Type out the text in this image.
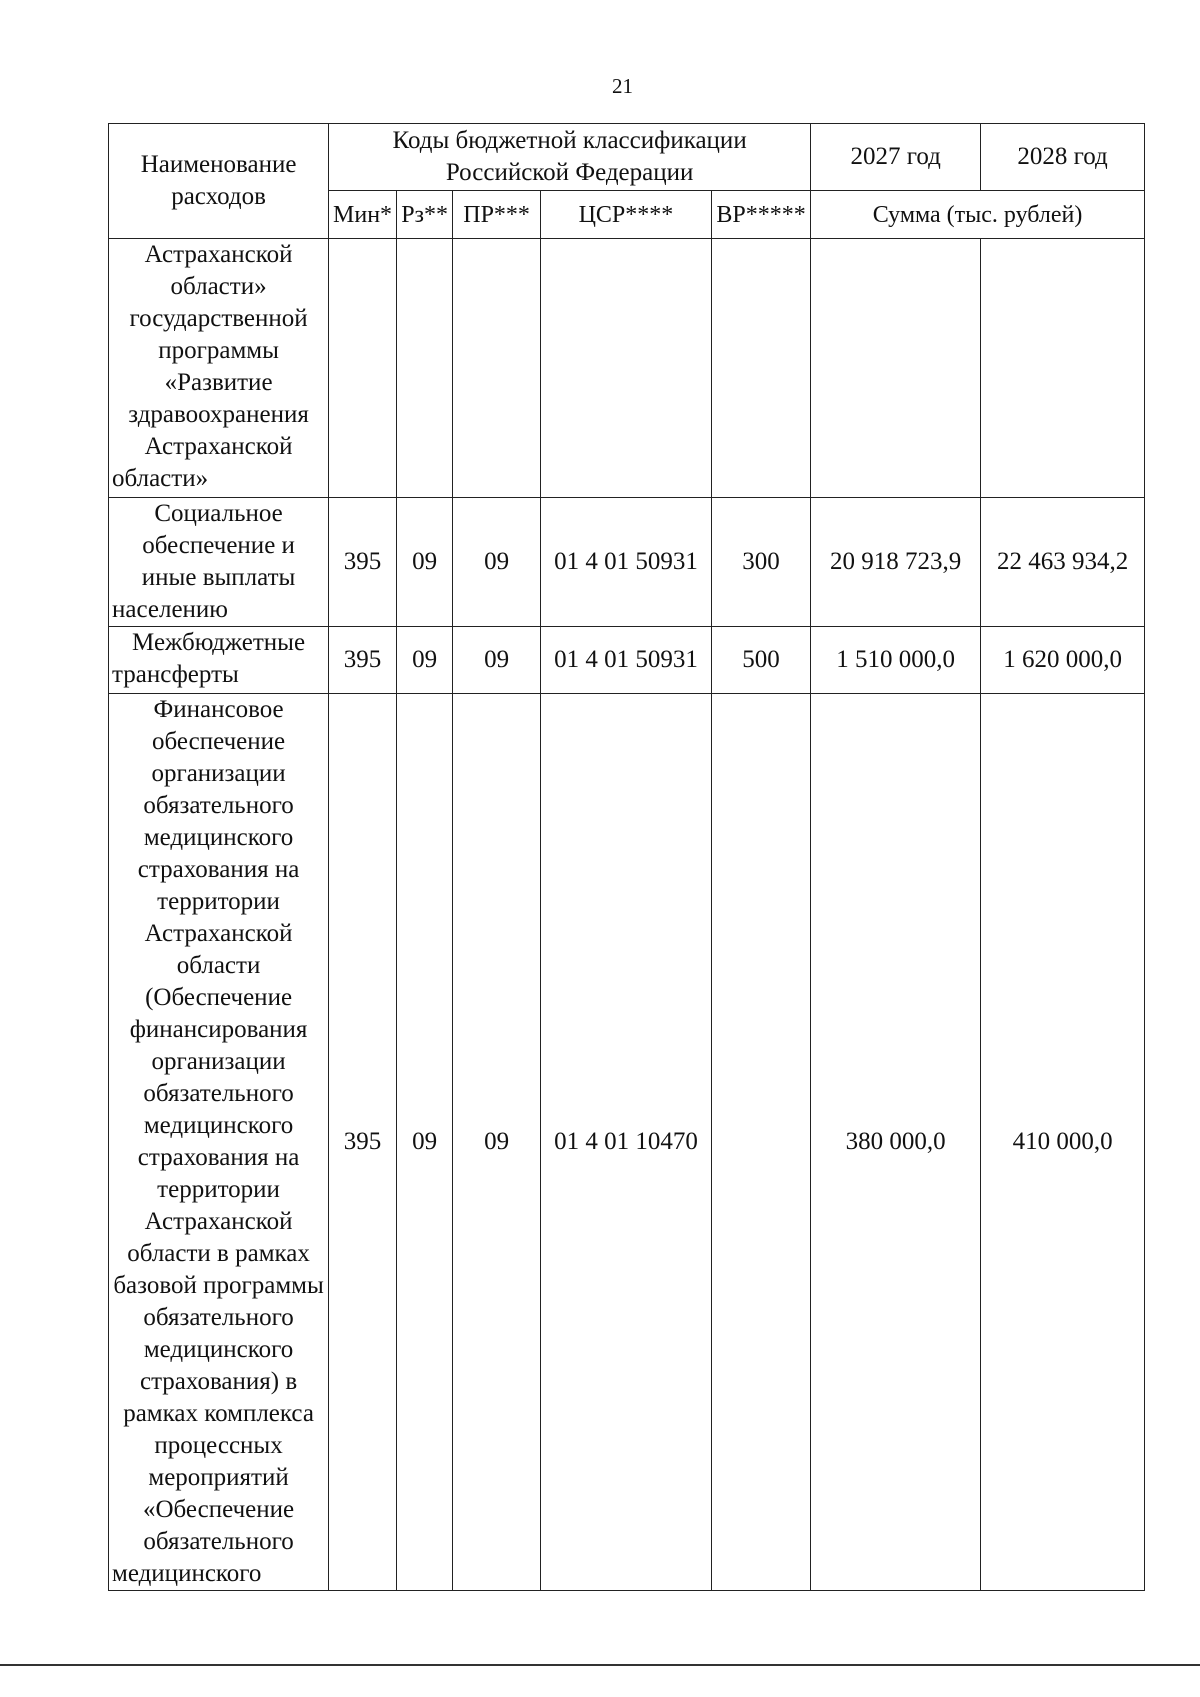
21
Наименование расходов	Коды бюджетной классификации Российской Федерации					2027 год	2028 год
	Мин*	Рз**	ПР***	ЦСР****	ВР*****	Сумма (тыс. рублей)	
Астраханской области» государственной программы «Развитие здравоохранения Астраханской области»							
Социальное обеспечение и иные выплаты населению	395	09	09	01 4 01 50931	300	20 918 723,9	22 463 934,2
Межбюджетные трансферты	395	09	09	01 4 01 50931	500	1 510 000,0	1 620 000,0
Финансовое обеспечение организации обязательного медицинского страхования на территории Астраханской области (Обеспечение финансирования организации обязательного медицинского страхования на территории Астраханской области в рамках базовой программы обязательного медицинского страхования) в рамках комплекса процессных мероприятий «Обеспечение обязательного медицинского	395	09	09	01 4 01 10470		380 000,0	410 000,0
